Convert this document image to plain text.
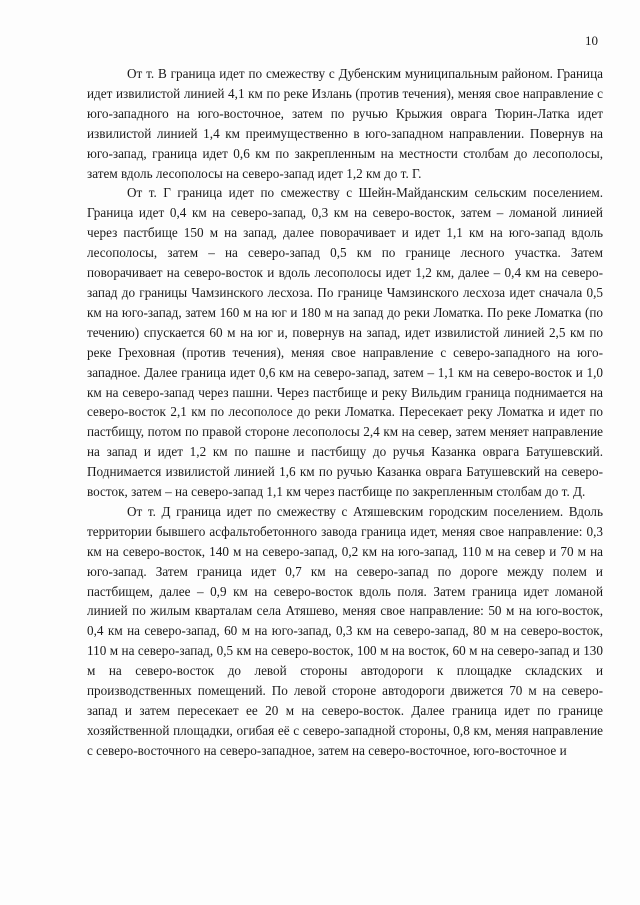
10

От т. В граница идет по смежеству с Дубенским муниципальным районом. Граница идет извилистой линией 4,1 км по реке Излань (против течения), меняя свое направление с юго-западного на юго-восточное, затем по ручью Крыжия оврага Тюрин-Латка идет извилистой линией 1,4 км преимущественно в юго-западном направлении. Повернув на юго-запад, граница идет 0,6 км по закрепленным на местности столбам до лесополосы, затем вдоль лесополосы на северо-запад идет 1,2 км до т. Г.

От т. Г граница идет по смежеству с Шейн-Майданским сельским поселением. Граница идет 0,4 км на северо-запад, 0,3 км на северо-восток, затем – ломаной линией через пастбище 150 м на запад, далее поворачивает и идет 1,1 км на юго-запад вдоль лесополосы, затем – на северо-запад 0,5 км по границе лесного участка. Затем поворачивает на северо-восток и вдоль лесополосы идет 1,2 км, далее – 0,4 км на северо-запад до границы Чамзинского лесхоза. По границе Чамзинского лесхоза идет сначала 0,5 км на юго-запад, затем 160 м на юг и 180 м на запад до реки Ломатка. По реке Ломатка (по течению) спускается 60 м на юг и, повернув на запад, идет извилистой линией 2,5 км по реке Греховная (против течения), меняя свое направление с северо-западного на юго-западное. Далее граница идет 0,6 км на северо-запад, затем – 1,1 км на северо-восток и 1,0 км на северо-запад через пашни. Через пастбище и реку Вильдим граница поднимается на северо-восток 2,1 км по лесополосе до реки Ломатка. Пересекает реку Ломатка и идет по пастбищу, потом по правой стороне лесополосы 2,4 км на север, затем меняет направление на запад и идет 1,2 км по пашне и пастбищу до ручья Казанка оврага Батушевский. Поднимается извилистой линией 1,6 км по ручью Казанка оврага Батушевский на северо-восток, затем – на северо-запад 1,1 км через пастбище по закрепленным столбам до т. Д.

От т. Д граница идет по смежеству с Атяшевским городским поселением. Вдоль территории бывшего асфальтобетонного завода граница идет, меняя свое направление: 0,3 км на северо-восток, 140 м на северо-запад, 0,2 км на юго-запад, 110 м на север и 70 м на юго-запад. Затем граница идет 0,7 км на северо-запад по дороге между полем и пастбищем, далее – 0,9 км на северо-восток вдоль поля. Затем граница идет ломаной линией по жилым кварталам села Атяшево, меняя свое направление: 50 м на юго-восток, 0,4 км на северо-запад, 60 м на юго-запад, 0,3 км на северо-запад, 80 м на северо-восток, 110 м на северо-запад, 0,5 км на северо-восток, 100 м на восток, 60 м на северо-запад и 130 м на северо-восток до левой стороны автодороги к площадке складских и производственных помещений. По левой стороне автодороги движется 70 м на северо-запад и затем пересекает ее 20 м на северо-восток. Далее граница идет по границе хозяйственной площадки, огибая её с северо-западной стороны, 0,8 км, меняя направление с северо-восточного на северо-западное, затем на северо-восточное, юго-восточное и
